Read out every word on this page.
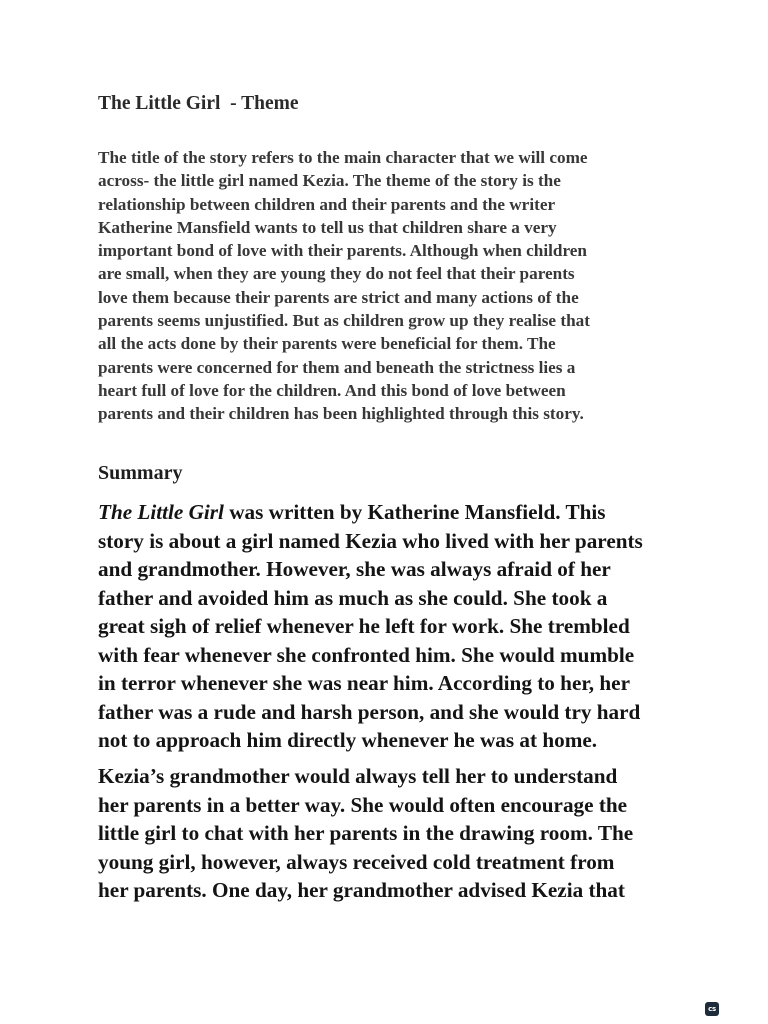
The Little Girl  - Theme
The title of the story refers to the main character that we will come
across- the little girl named Kezia. The theme of the story is the
relationship between children and their parents and the writer
Katherine Mansfield wants to tell us that children share a very
important bond of love with their parents. Although when children
are small, when they are young they do not feel that their parents
love them because their parents are strict and many actions of the
parents seems unjustified. But as children grow up they realise that
all the acts done by their parents were beneficial for them. The
parents were concerned for them and beneath the strictness lies a
heart full of love for the children. And this bond of love between
parents and their children has been highlighted through this story.
Summary
The Little Girl was written by Katherine Mansfield. This
story is about a girl named Kezia who lived with her parents
and grandmother. However, she was always afraid of her
father and avoided him as much as she could. She took a
great sigh of relief whenever he left for work. She trembled
with fear whenever she confronted him. She would mumble
in terror whenever she was near him. According to her, her
father was a rude and harsh person, and she would try hard
not to approach him directly whenever he was at home.
Kezia’s grandmother would always tell her to understand
her parents in a better way. She would often encourage the
little girl to chat with her parents in the drawing room. The
young girl, however, always received cold treatment from
her parents. One day, her grandmother advised Kezia that
cs
